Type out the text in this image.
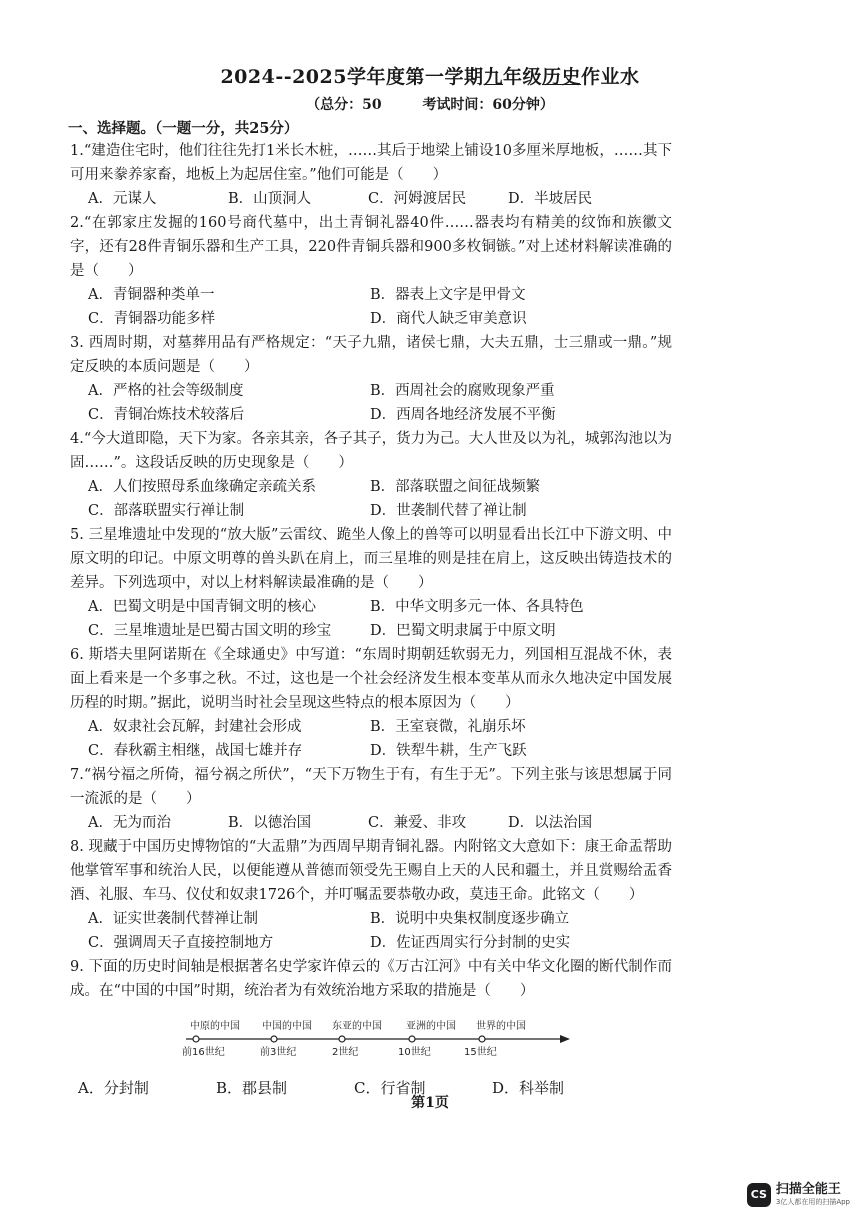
2024--2025学年度第一学期九年级历史作业水
（总分：50	考试时间：60分钟）
一、选择题。（一题一分，共25分）
1.“建造住宅时，他们往往先打1米长木桩，……其后于地梁上铺设10多厘米厚地板，……其下可用来豢养家畜，地板上为起居住室。”他们可能是（　　）
A．元谋人	B．山顶洞人	C．河姆渡居民	D．半坡居民
2.“在郭家庄发掘的160号商代墓中，出土青铜礼器40件……器表均有精美的纹饰和族徽文字，还有28件青铜乐器和生产工具，220件青铜兵器和900多枚铜镞。”对上述材料解读准确的是（　　）
A．青铜器种类单一	B．器表上文字是甲骨文
C．青铜器功能多样	D．商代人缺乏审美意识
3. 西周时期，对墓葬用品有严格规定：“天子九鼎，诸侯七鼎，大夫五鼎，士三鼎或一鼎。”规定反映的本质问题是（　　）
A．严格的社会等级制度	B．西周社会的腐败现象严重
C．青铜冶炼技术较落后	D．西周各地经济发展不平衡
4.“今大道即隐，天下为家。各亲其亲，各子其子，货力为己。大人世及以为礼，城郭沟池以为固……”。这段话反映的历史现象是（　　）
A．人们按照母系血缘确定亲疏关系	B．部落联盟之间征战频繁
C．部落联盟实行禅让制	D．世袭制代替了禅让制
5. 三星堆遗址中发现的“放大版”云雷纹、跪坐人像上的兽等可以明显看出长江中下游文明、中原文明的印记。中原文明尊的兽头趴在肩上，而三星堆的则是挂在肩上，这反映出铸造技术的差异。下列选项中，对以上材料解读最准确的是（　　）
A．巴蜀文明是中国青铜文明的核心	B．中华文明多元一体、各具特色
C．三星堆遗址是巴蜀古国文明的珍宝	D．巴蜀文明隶属于中原文明
6. 斯塔夫里阿诺斯在《全球通史》中写道：“东周时期朝廷软弱无力，列国相互混战不休，表面上看来是一个多事之秋。不过，这也是一个社会经济发生根本变革从而永久地决定中国发展历程的时期。”据此，说明当时社会呈现这些特点的根本原因为（　　）
A．奴隶社会瓦解，封建社会形成	B．王室衰微，礼崩乐坏
C．春秋霸主相继，战国七雄并存	D．铁犁牛耕，生产飞跃
7.“祸兮福之所倚，福兮祸之所伏”，“天下万物生于有，有生于无”。下列主张与该思想属于同一流派的是（　　）
A．无为而治	B．以德治国	C．兼爱、非攻	D．以法治国
8. 现藏于中国历史博物馆的“大盂鼎”为西周早期青铜礼器。内附铭文大意如下：康王命盂帮助他掌管军事和统治人民，以便能遵从普德而领受先王赐自上天的人民和疆土，并且赏赐给盂香酒、礼服、车马、仪仗和奴隶1726个，并叮嘱盂要恭敬办政，莫违王命。此铭文（　　）
A．证实世袭制代替禅让制	B．说明中央集权制度逐步确立
C．强调周天子直接控制地方	D．佐证西周实行分封制的史实
9. 下面的历史时间轴是根据著名史学家许倬云的《万古江河》中有关中华文化圈的断代制作而成。在“中国的中国”时期，统治者为有效统治地方采取的措施是（　　）
中原的中国 中国的中国 东亚的中国 亚洲的中国 世界的中国
前16世纪	前3世纪	2世纪	10世纪	15世纪
A．分封制	B．郡县制	C．行省制	D．科举制
第1页
CS 扫描全能王
3亿人都在用的扫描App
